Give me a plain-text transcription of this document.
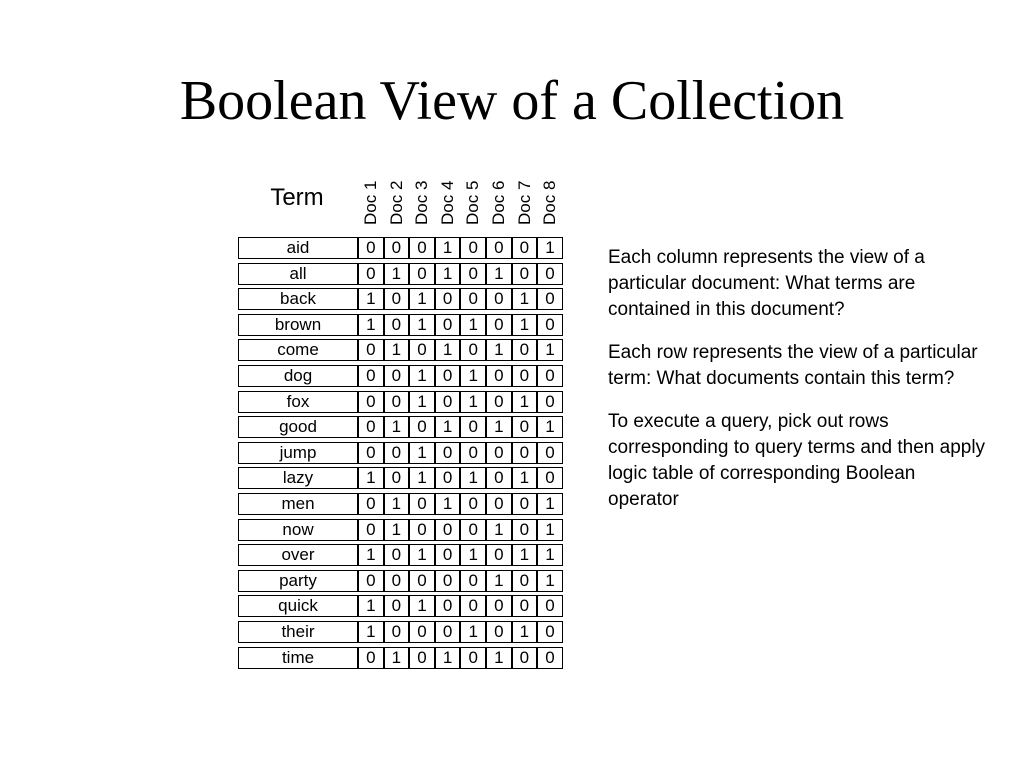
Boolean View of a Collection
Term	Doc 1 Doc 2 Doc 3 Doc 4 Doc 5 Doc 6 Doc 7 Doc 8
aid
all
back
brown
come
dog
fox
good
jump
lazy
men
now
over
party
quick
their
time
0 0 0 1 0 0 0 1
0 1 0 1 0 1 0 0
1 0 1 0 0 0 1 0
1 0 1 0 1 0 1 0
0 1 0 1 0 1 0 1
0 0 1 0 1 0 0 0
0 0 1 0 1 0 1 0
0 1 0 1 0 1 0 1
0 0 1 0 0 0 0 0
1 0 1 0 1 0 1 0
0 1 0 1 0 0 0 1
0 1 0 0 0 1 0 1
1 0 1 0 1 0 1 1
0 0 0 0 0 1 0 1
1 0 1 0 0 0 0 0
1 0 0 0 1 0 1 0
0 1 0 1 0 1 0 0

Each column represents the view of a particular document: What terms are contained in this document?

Each row represents the view of a particular term: What documents contain this term?

To execute a query, pick out rows corresponding to query terms and then apply logic table of corresponding Boolean operator
